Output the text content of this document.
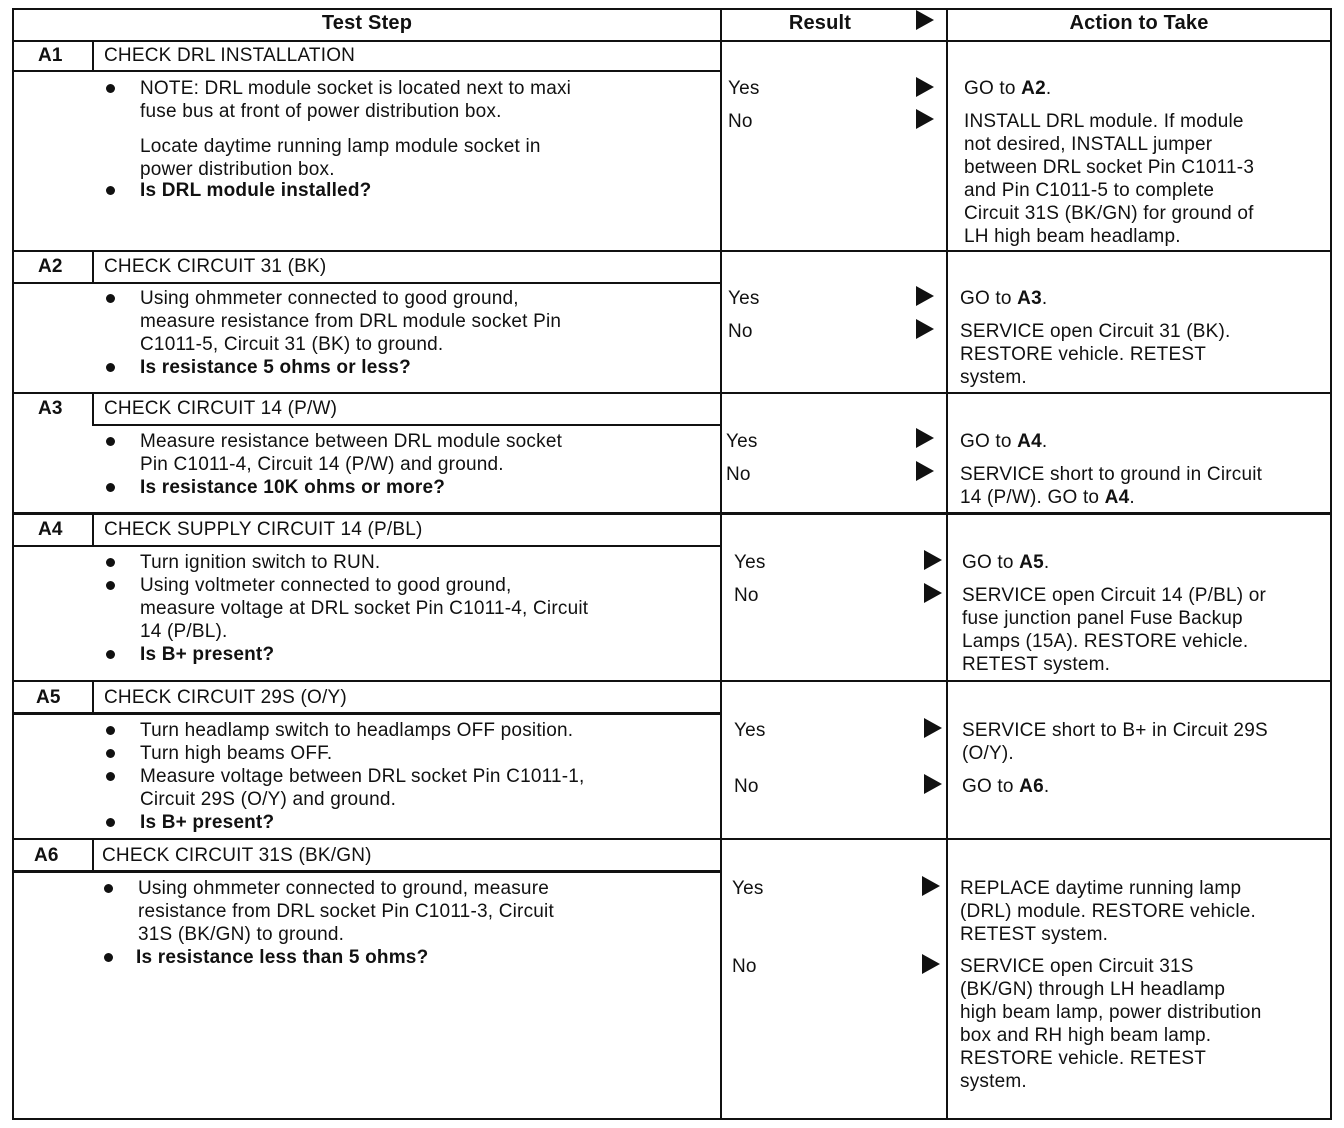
Test Step	Result	Action to Take
A1 CHECK DRL INSTALLATION
NOTE: DRL module socket is located next to maxi
fuse bus at front of power distribution box.
Locate daytime running lamp module socket in
power distribution box.
Is DRL module installed?
Yes
No
GO to A2.
INSTALL DRL module. If module
not desired, INSTALL jumper
between DRL socket Pin C1011-3
and Pin C1011-5 to complete
Circuit 31S (BK/GN) for ground of
LH high beam headlamp.
A2 CHECK CIRCUIT 31 (BK)
Using ohmmeter connected to good ground,
measure resistance from DRL module socket Pin
C1011-5, Circuit 31 (BK) to ground.
Is resistance 5 ohms or less?
Yes
No
GO to A3.
SERVICE open Circuit 31 (BK).
RESTORE vehicle. RETEST
system.
A3 CHECK CIRCUIT 14 (P/W)
Measure resistance between DRL module socket
Pin C1011-4, Circuit 14 (P/W) and ground.
Is resistance 10K ohms or more?
Yes
No
GO to A4.
SERVICE short to ground in Circuit
14 (P/W). GO to A4.
A4 CHECK SUPPLY CIRCUIT 14 (P/BL)
Turn ignition switch to RUN.
Using voltmeter connected to good ground,
measure voltage at DRL socket Pin C1011-4, Circuit
14 (P/BL).
Is B+ present?
Yes
No
GO to A5.
SERVICE open Circuit 14 (P/BL) or
fuse junction panel Fuse Backup
Lamps (15A). RESTORE vehicle.
RETEST system.
A5 CHECK CIRCUIT 29S (O/Y)
Turn headlamp switch to headlamps OFF position.
Turn high beams OFF.
Measure voltage between DRL socket Pin C1011-1,
Circuit 29S (O/Y) and ground.
Is B+ present?
Yes
No
SERVICE short to B+ in Circuit 29S
(O/Y).
GO to A6.
A6 CHECK CIRCUIT 31S (BK/GN)
Using ohmmeter connected to ground, measure
resistance from DRL socket Pin C1011-3, Circuit
31S (BK/GN) to ground.
Is resistance less than 5 ohms?
Yes
No
REPLACE daytime running lamp
(DRL) module. RESTORE vehicle.
RETEST system.
SERVICE open Circuit 31S
(BK/GN) through LH headlamp
high beam lamp, power distribution
box and RH high beam lamp.
RESTORE vehicle. RETEST
system.
